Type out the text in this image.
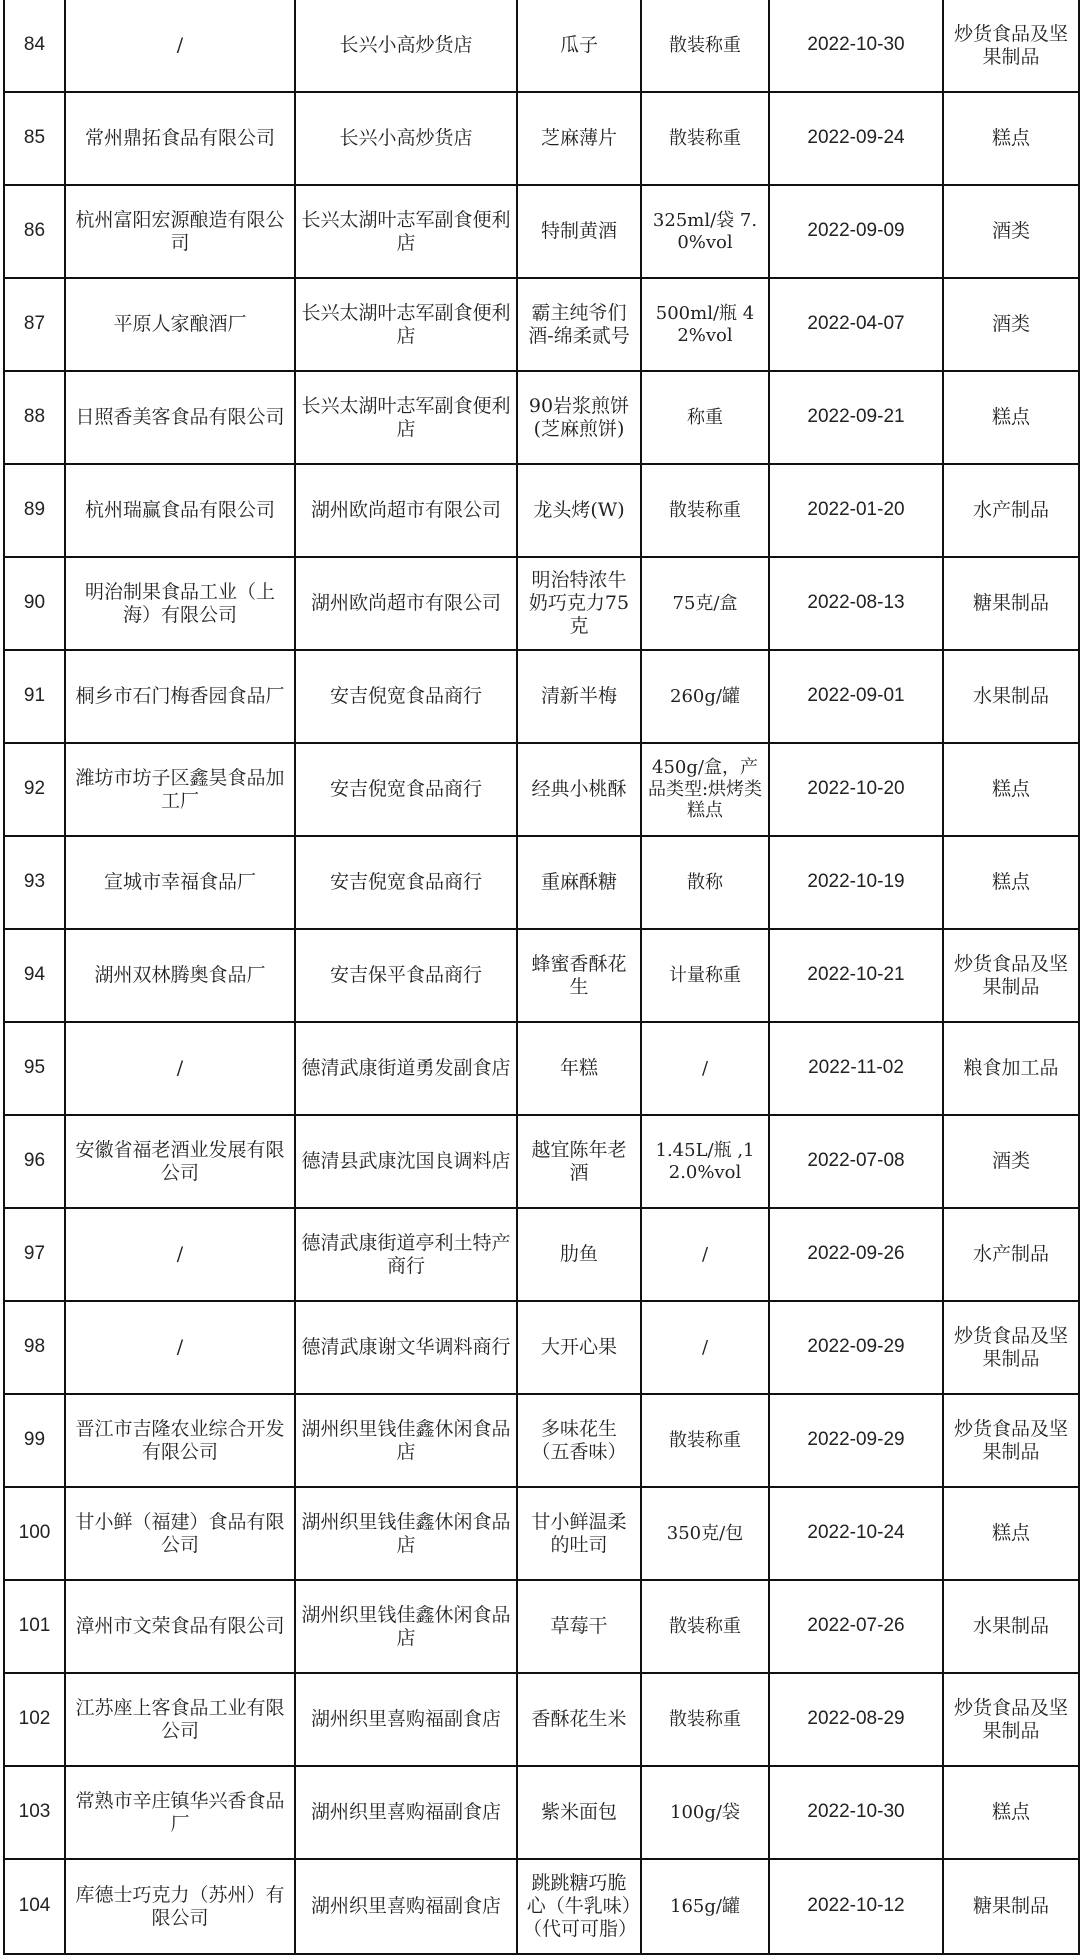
84	/	长兴小高炒货店	瓜子	散装称重	2022-10-30	炒货食品及坚果制品
85	常州鼎拓食品有限公司	长兴小高炒货店	芝麻薄片	散装称重	2022-09-24	糕点
86	杭州富阳宏源酿造有限公司	长兴太湖叶志军副食便利店	特制黄酒	325ml/袋 7.0%vol	2022-09-09	酒类
87	平原人家酿酒厂	长兴太湖叶志军副食便利店	霸主纯爷们酒-绵柔贰号	500ml/瓶 42%vol	2022-04-07	酒类
88	日照香美客食品有限公司	长兴太湖叶志军副食便利店	90岩浆煎饼(芝麻煎饼)	称重	2022-09-21	糕点
89	杭州瑞赢食品有限公司	湖州欧尚超市有限公司	龙头烤(W)	散装称重	2022-01-20	水产制品
90	明治制果食品工业（上海）有限公司	湖州欧尚超市有限公司	明治特浓牛奶巧克力75克	75克/盒	2022-08-13	糖果制品
91	桐乡市石门梅香园食品厂	安吉倪宽食品商行	清新半梅	260g/罐	2022-09-01	水果制品
92	潍坊市坊子区鑫昊食品加工厂	安吉倪宽食品商行	经典小桃酥	450g/盒，产品类型:烘烤类糕点	2022-10-20	糕点
93	宣城市幸福食品厂	安吉倪宽食品商行	重麻酥糖	散称	2022-10-19	糕点
94	湖州双林腾奥食品厂	安吉保平食品商行	蜂蜜香酥花生	计量称重	2022-10-21	炒货食品及坚果制品
95	/	德清武康街道勇发副食店	年糕	/	2022-11-02	粮食加工品
96	安徽省福老酒业发展有限公司	德清县武康沈国良调料店	越宜陈年老酒	1.45L/瓶 ,12.0%vol	2022-07-08	酒类
97	/	德清武康街道亭利土特产商行	肋鱼	/	2022-09-26	水产制品
98	/	德清武康谢文华调料商行	大开心果	/	2022-09-29	炒货食品及坚果制品
99	晋江市吉隆农业综合开发有限公司	湖州织里钱佳鑫休闲食品店	多味花生（五香味）	散装称重	2022-09-29	炒货食品及坚果制品
100	甘小鲜（福建）食品有限公司	湖州织里钱佳鑫休闲食品店	甘小鲜温柔的吐司	350克/包	2022-10-24	糕点
101	漳州市文荣食品有限公司	湖州织里钱佳鑫休闲食品店	草莓干	散装称重	2022-07-26	水果制品
102	江苏座上客食品工业有限公司	湖州织里喜购福副食店	香酥花生米	散装称重	2022-08-29	炒货食品及坚果制品
103	常熟市辛庄镇华兴香食品厂	湖州织里喜购福副食店	紫米面包	100g/袋	2022-10-30	糕点
104	库德士巧克力（苏州）有限公司	湖州织里喜购福副食店	跳跳糖巧脆心（牛乳味）（代可可脂）	165g/罐	2022-10-12	糖果制品
